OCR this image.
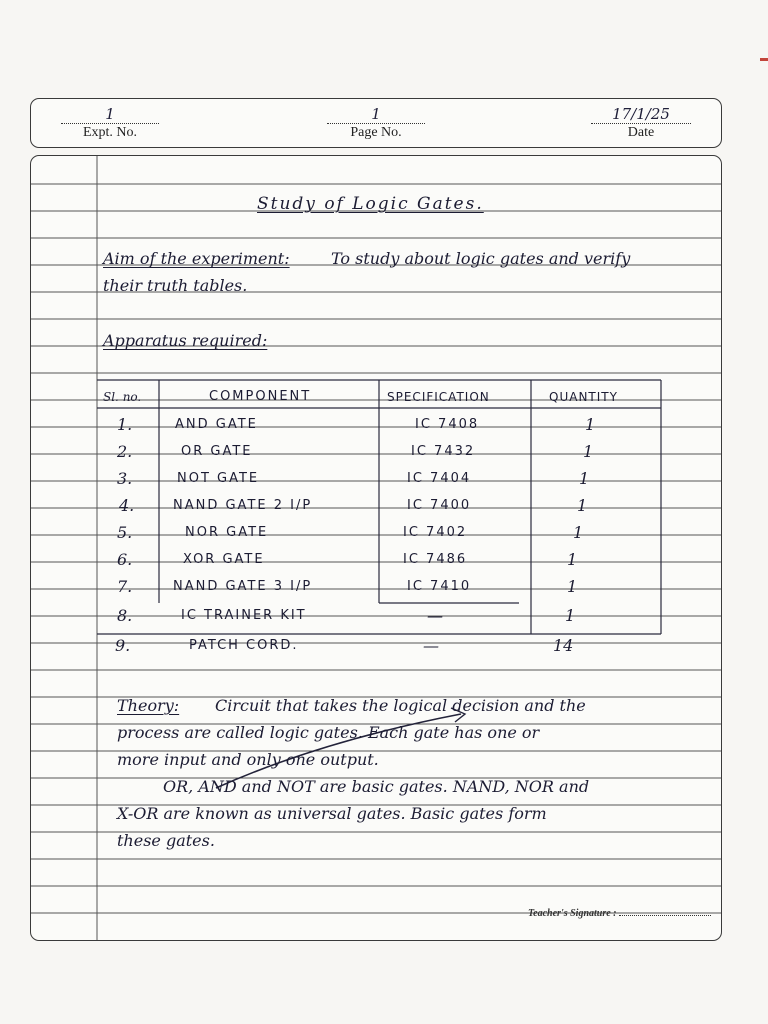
1
Expt. No.
1
Page No.
17/1/25
Date
Study of Logic Gates.
Aim of the experiment:	To study about logic gates and verify
their truth tables.
Apparatus required:
Sl. no.	COMPONENT	SPECIFICATION	QUANTITY
1.	AND GATE	IC 7408	1
2.	OR GATE	IC 7432	1
3.	NOT GATE	IC 7404	1
4.	NAND GATE 2 I/P	IC 7400	1
5.	NOR GATE	IC 7402	1
6.	XOR GATE	IC 7486	1
7.	NAND GATE 3 I/P	IC 7410	1
8.	IC TRAINER KIT	—	1
9.	PATCH CORD.	—	14
Theory: Circuit that takes the logical decision and the
process are called logic gates. Each gate has one or
more input and only one output.
OR, AND and NOT are basic gates. NAND, NOR and
X-OR are known as universal gates. Basic gates form
these gates.
Teacher's Signature :
